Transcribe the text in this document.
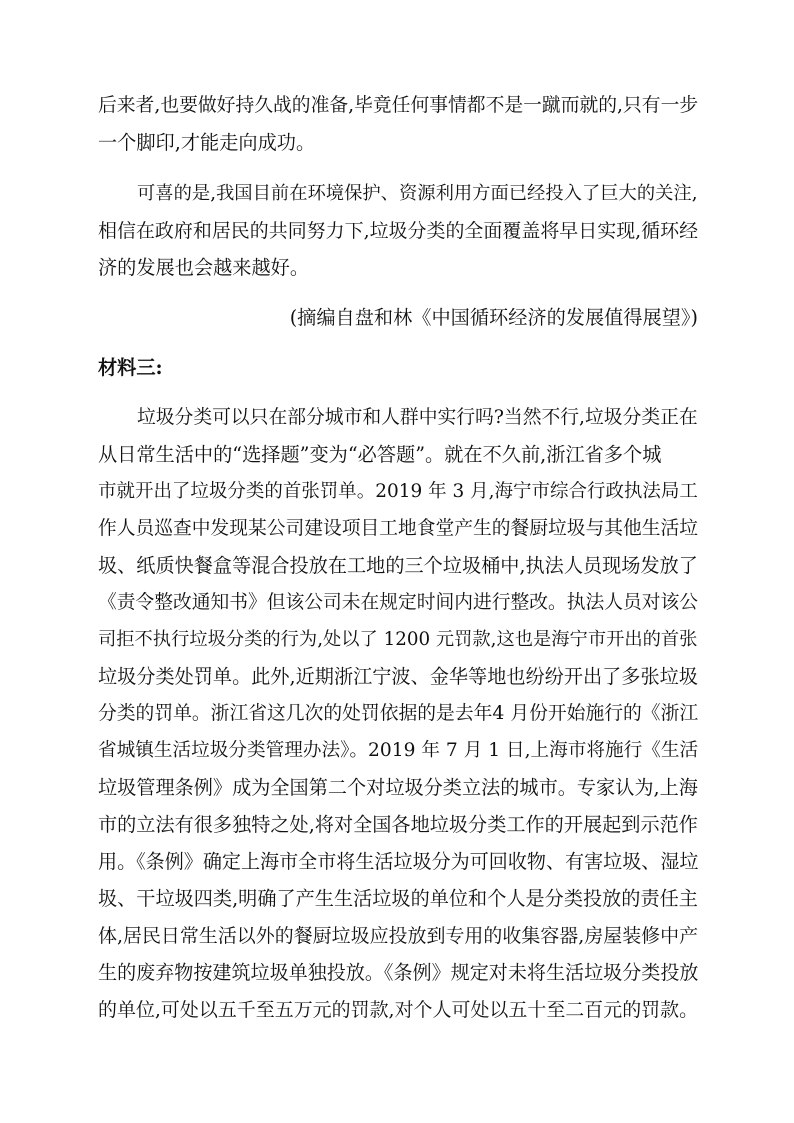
后来者,也要做好持久战的准备,毕竟任何事情都不是一蹴而就的,只有一步
一个脚印,才能走向成功。
可喜的是,我国目前在环境保护、资源利用方面已经投入了巨大的关注,
相信在政府和居民的共同努力下,垃圾分类的全面覆盖将早日实现,循环经
济的发展也会越来越好。
(摘编自盘和林《中国循环经济的发展值得展望》)
材料三:
垃圾分类可以只在部分城市和人群中实行吗?当然不行,垃圾分类正在
从日常生活中的“选择题”变为“必答题”。就在不久前,浙江省多个城
市就开出了垃圾分类的首张罚单。2019 年 3 月,海宁市综合行政执法局工
作人员巡查中发现某公司建设项目工地食堂产生的餐厨垃圾与其他生活垃
圾、纸质快餐盒等混合投放在工地的三个垃圾桶中,执法人员现场发放了
《责令整改通知书》但该公司未在规定时间内进行整改。执法人员对该公
司拒不执行垃圾分类的行为,处以了 1200 元罚款,这也是海宁市开出的首张
垃圾分类处罚单。此外,近期浙江宁波、金华等地也纷纷开出了多张垃圾
分类的罚单。浙江省这几次的处罚依据的是去年4 月份开始施行的《浙江
省城镇生活垃圾分类管理办法》。2019 年 7 月 1 日,上海市将施行《生活
垃圾管理条例》成为全国第二个对垃圾分类立法的城市。专家认为,上海
市的立法有很多独特之处,将对全国各地垃圾分类工作的开展起到示范作
用。《条例》确定上海市全市将生活垃圾分为可回收物、有害垃圾、湿垃
圾、干垃圾四类,明确了产生生活垃圾的单位和个人是分类投放的责任主
体,居民日常生活以外的餐厨垃圾应投放到专用的收集容器,房屋装修中产
生的废弃物按建筑垃圾单独投放。《条例》规定对未将生活垃圾分类投放
的单位,可处以五千至五万元的罚款,对个人可处以五十至二百元的罚款。
